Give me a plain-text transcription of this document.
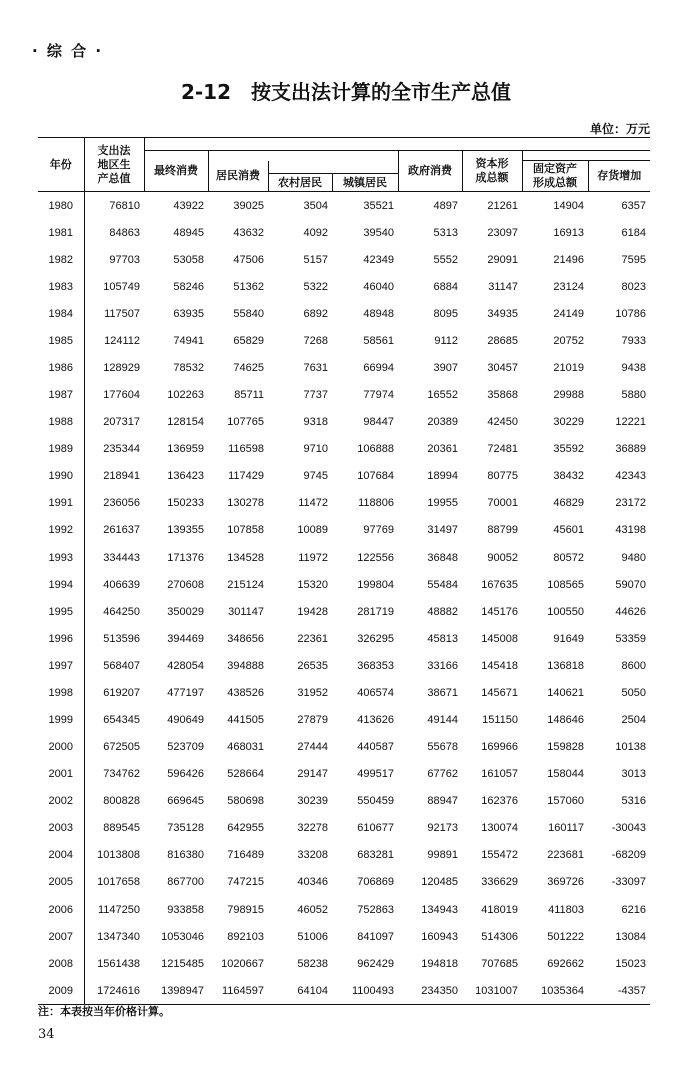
· 综 合 ·
2-12　按支出法计算的全市生产总值
单位：万元
年份	支出法
地区生
产总值								
		最终消费				政府消费	资本形
成总额		
			居民消费					固定资产
形成总额	存货增加
				农村居民	城镇居民				
1980	76810	43922	39025	3504	35521	4897	21261	14904	6357
1981	84863	48945	43632	4092	39540	5313	23097	16913	6184
1982	97703	53058	47506	5157	42349	5552	29091	21496	7595
1983	105749	58246	51362	5322	46040	6884	31147	23124	8023
1984	117507	63935	55840	6892	48948	8095	34935	24149	10786
1985	124112	74941	65829	7268	58561	9112	28685	20752	7933
1986	128929	78532	74625	7631	66994	3907	30457	21019	9438
1987	177604	102263	85711	7737	77974	16552	35868	29988	5880
1988	207317	128154	107765	9318	98447	20389	42450	30229	12221
1989	235344	136959	116598	9710	106888	20361	72481	35592	36889
1990	218941	136423	117429	9745	107684	18994	80775	38432	42343
1991	236056	150233	130278	11472	118806	19955	70001	46829	23172
1992	261637	139355	107858	10089	97769	31497	88799	45601	43198
1993	334443	171376	134528	11972	122556	36848	90052	80572	9480
1994	406639	270608	215124	15320	199804	55484	167635	108565	59070
1995	464250	350029	301147	19428	281719	48882	145176	100550	44626
1996	513596	394469	348656	22361	326295	45813	145008	91649	53359
1997	568407	428054	394888	26535	368353	33166	145418	136818	8600
1998	619207	477197	438526	31952	406574	38671	145671	140621	5050
1999	654345	490649	441505	27879	413626	49144	151150	148646	2504
2000	672505	523709	468031	27444	440587	55678	169966	159828	10138
2001	734762	596426	528664	29147	499517	67762	161057	158044	3013
2002	800828	669645	580698	30239	550459	88947	162376	157060	5316
2003	889545	735128	642955	32278	610677	92173	130074	160117	-30043
2004	1013808	816380	716489	33208	683281	99891	155472	223681	-68209
2005	1017658	867700	747215	40346	706869	120485	336629	369726	-33097
2006	1147250	933858	798915	46052	752863	134943	418019	411803	6216
2007	1347340	1053046	892103	51006	841097	160943	514306	501222	13084
2008	1561438	1215485	1020667	58238	962429	194818	707685	692662	15023
2009	1724616	1398947	1164597	64104	1100493	234350	1031007	1035364	-4357
注：本表按当年价格计算。
34
